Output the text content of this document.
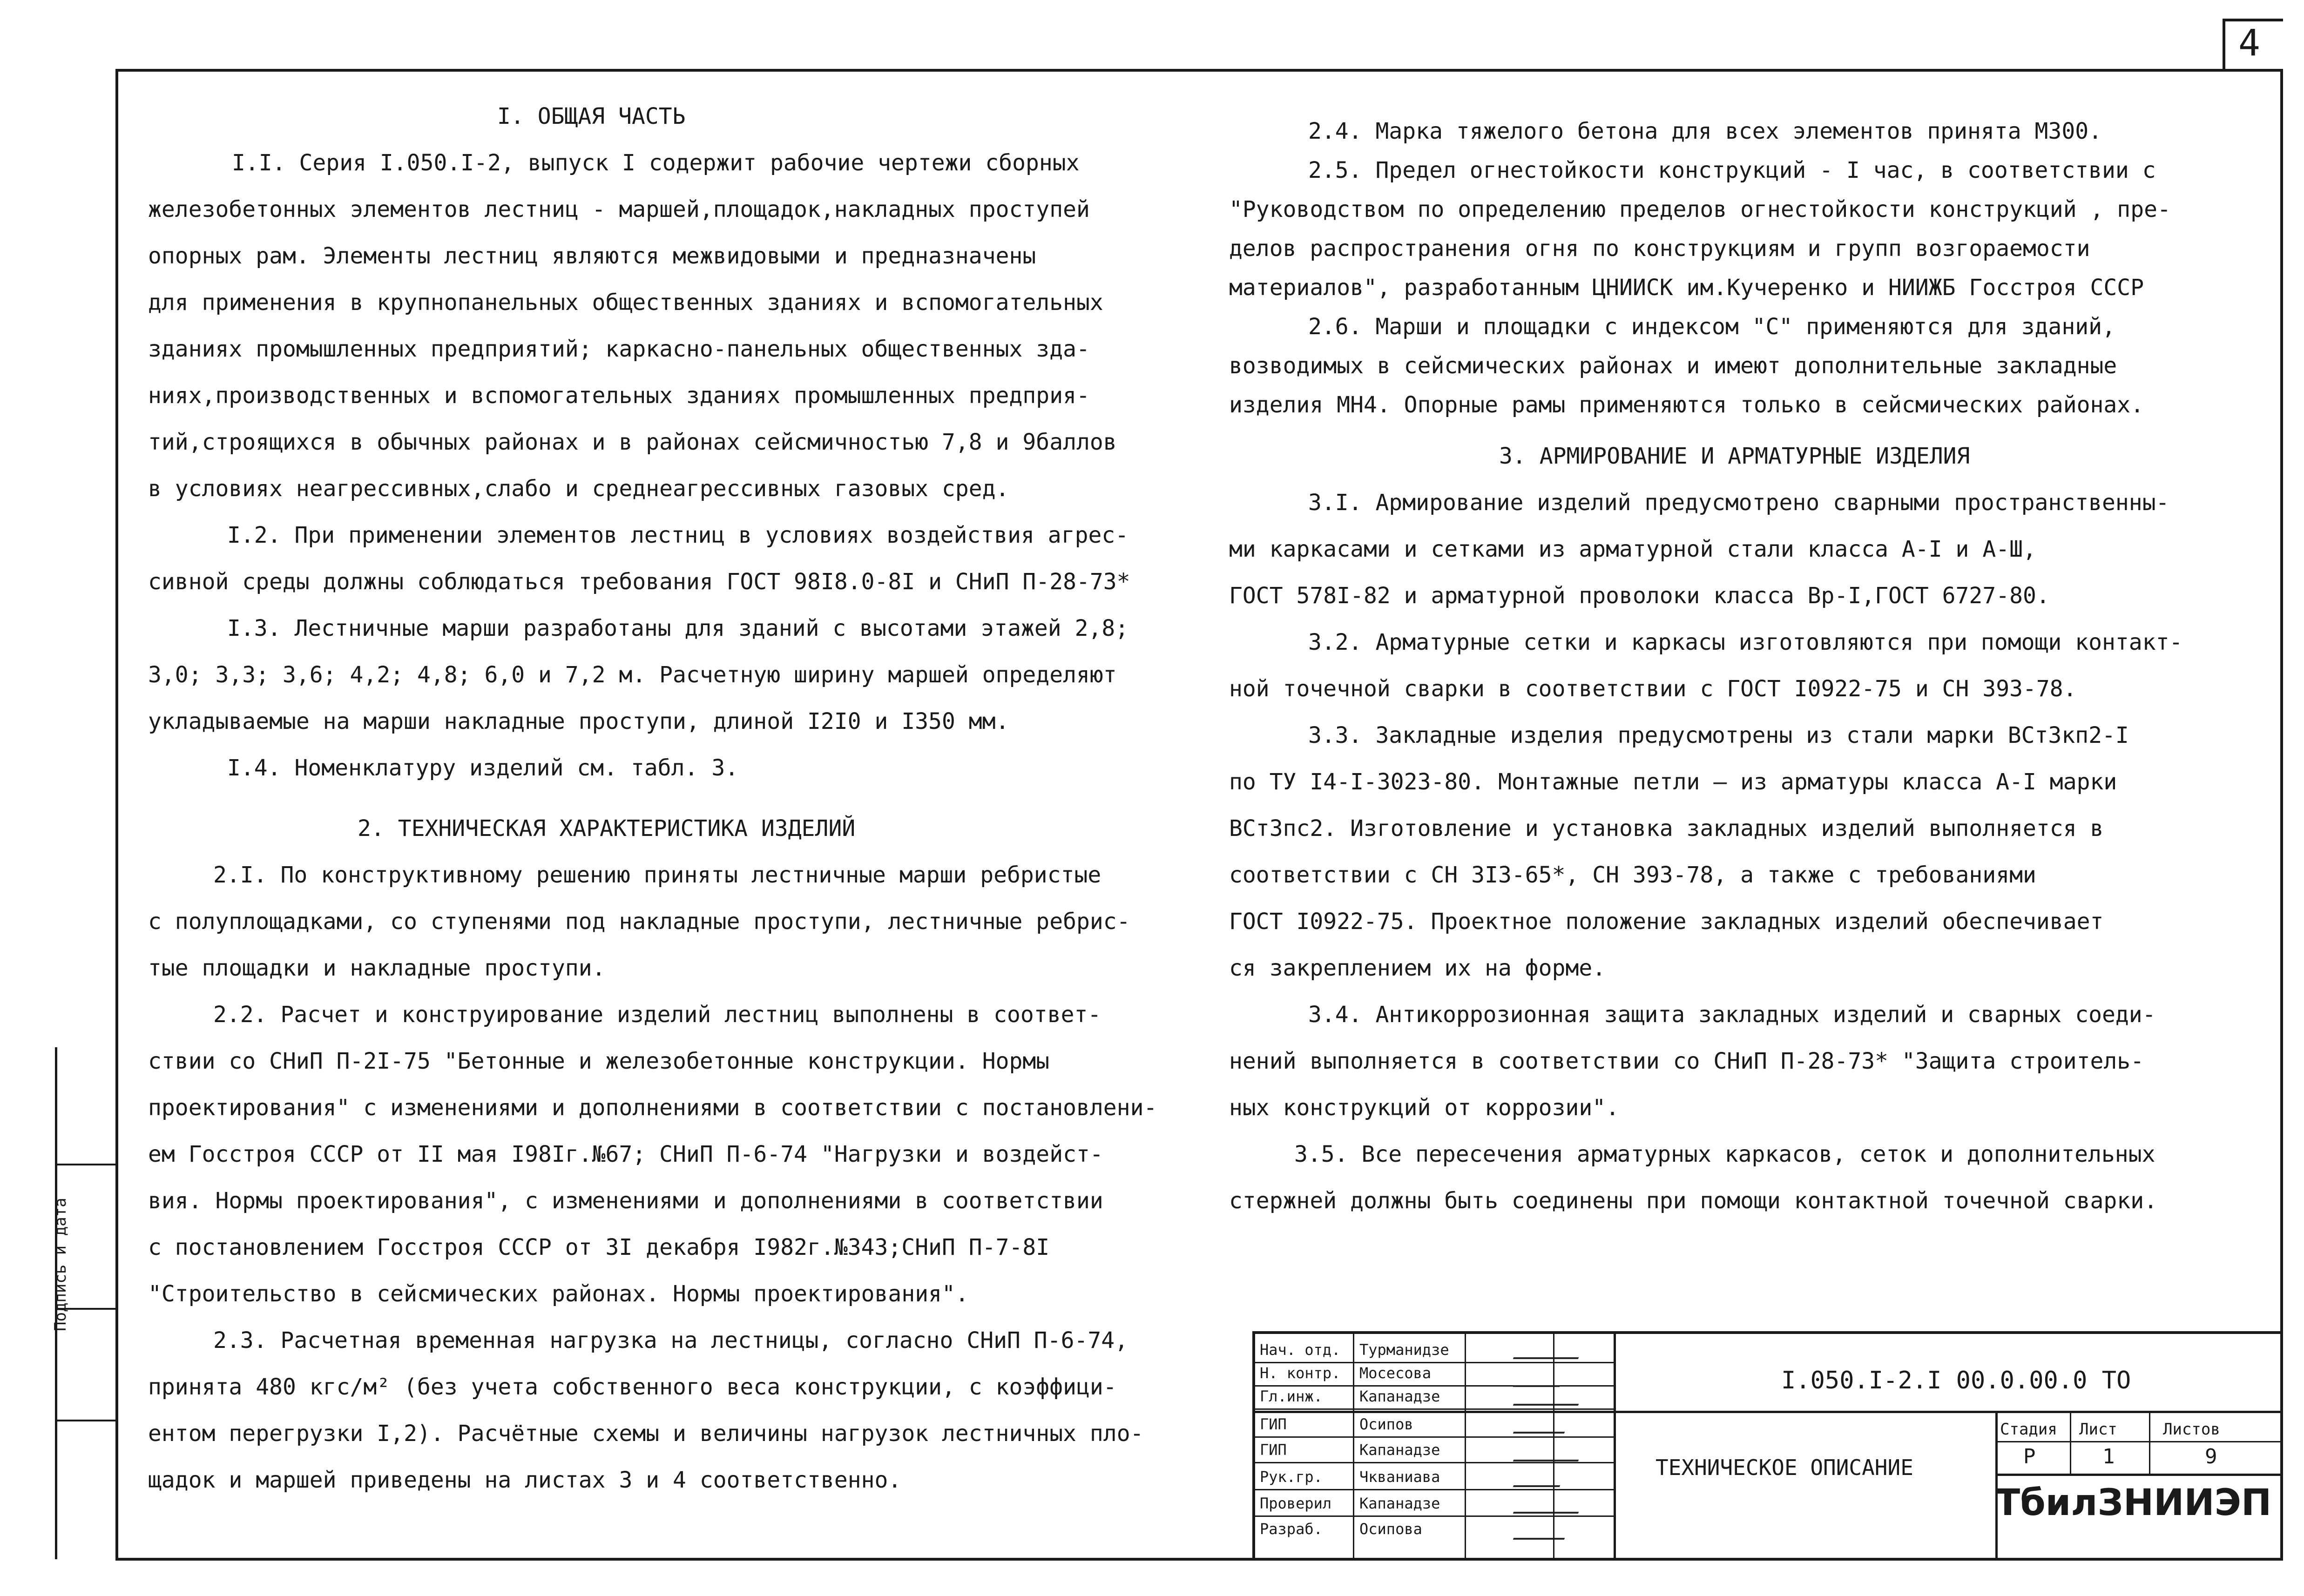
4
Подпись и дата

I. ОБЩАЯ ЧАСТЬ

I.I. Серия I.050.I-2, выпуск I содержит рабочие чертежи сборных

железобетонных элементов лестниц - маршей,площадок,накладных проступей

опорных рам. Элементы лестниц являются межвидовыми и предназначены

для применения в крупнопанельных общественных зданиях и вспомогательных

зданиях промышленных предприятий; каркасно-панельных общественных зда-

ниях,производственных и вспомогательных зданиях промышленных предприя-

тий,строящихся в обычных районах и в районах сейсмичностью 7,8 и 9баллов

в условиях неагрессивных,слабо и среднеагрессивных газовых сред.

I.2. При применении элементов лестниц в условиях воздействия агрес-

сивной среды должны соблюдаться требования ГОСТ 98I8.0-8I и СНиП П-28-73*

I.3. Лестничные марши разработаны для зданий с высотами этажей 2,8;

3,0; 3,3; 3,6; 4,2; 4,8; 6,0 и 7,2 м. Расчетную ширину маршей определяют

укладываемые на марши накладные проступи, длиной I2I0 и I350 мм.

I.4. Номенклатуру изделий см. табл. 3.

2. ТЕХНИЧЕСКАЯ ХАРАКТЕРИСТИКА ИЗДЕЛИЙ

2.I. По конструктивному решению приняты лестничные марши ребристые

с полуплощадками, со ступенями под накладные проступи, лестничные ребрис-

тые площадки и накладные проступи.

2.2. Расчет и конструирование изделий лестниц выполнены в соответ-

ствии со СНиП П-2I-75 "Бетонные и железобетонные конструкции. Нормы

проектирования" с изменениями и дополнениями в соответствии с постановлени-

ем Госстроя СССР от II мая I98Iг.№67; СНиП П-6-74 "Нагрузки и воздейст-

вия. Нормы проектирования", с изменениями и дополнениями в соответствии

с постановлением Госстроя СССР от 3I декабря I982г.№343;СНиП П-7-8I

"Строительство в сейсмических районах. Нормы проектирования".

2.3. Расчетная временная нагрузка на лестницы, согласно СНиП П-6-74,

принята 480 кгс/м² (без учета собственного веса конструкции, с коэффици-

ентом перегрузки I,2). Расчётные схемы и величины нагрузок лестничных пло-

щадок и маршей приведены на листах 3 и 4 соответственно.

2.4. Марка тяжелого бетона для всех элементов принята М300.

2.5. Предел огнестойкости конструкций - I час, в соответствии с

"Руководством по определению пределов огнестойкости конструкций , пре-

делов распространения огня по конструкциям и групп возгораемости

материалов", разработанным ЦНИИСК им.Кучеренко и НИИЖБ Госстроя СССР

2.6. Марши и площадки с индексом "С" применяются для зданий,

возводимых в сейсмических районах и имеют дополнительные закладные

изделия МН4. Опорные рамы применяются только в сейсмических районах.

3. АРМИРОВАНИЕ И АРМАТУРНЫЕ ИЗДЕЛИЯ

3.I. Армирование изделий предусмотрено сварными пространственны-

ми каркасами и сетками из арматурной стали класса А-I и А-Ш,

ГОСТ 578I-82 и арматурной проволоки класса Вр-I,ГОСТ 6727-80.

3.2. Арматурные сетки и каркасы изготовляются при помощи контакт-

ной точечной сварки в соответствии с ГОСТ I0922-75 и СН 393-78.

3.3. Закладные изделия предусмотрены из стали марки ВСт3кп2-I

по ТУ I4-I-3023-80. Монтажные петли — из арматуры класса А-I марки

ВСт3пс2. Изготовление и установка закладных изделий выполняется в

соответствии с СН 3I3-65*, СН 393-78, а также с требованиями

ГОСТ I0922-75. Проектное положение закладных изделий обеспечивает

ся закреплением их на форме.

3.4. Антикоррозионная защита закладных изделий и сварных соеди-

нений выполняется в соответствии со СНиП П-28-73* "Защита строитель-

ных конструкций от коррозии".

3.5. Все пересечения арматурных каркасов, сеток и дополнительных

стержней должны быть соединены при помощи контактной точечной сварки.

Нач. отд. Турманидзе
Н. контр. Мосесова
Гл.инж. Капанадзе
ГИП	Осипов
ГИП	Капанадзе
Рук.гр. Чкваниава
Проверил Капанадзе
Разраб. Осипова
I.050.I-2.I 00.0.00.0 ТО
ТЕХНИЧЕСКОЕ ОПИСАНИЕ
Стадия Лист	Листов
Р	1	9
ТбилЗНИИЭП
